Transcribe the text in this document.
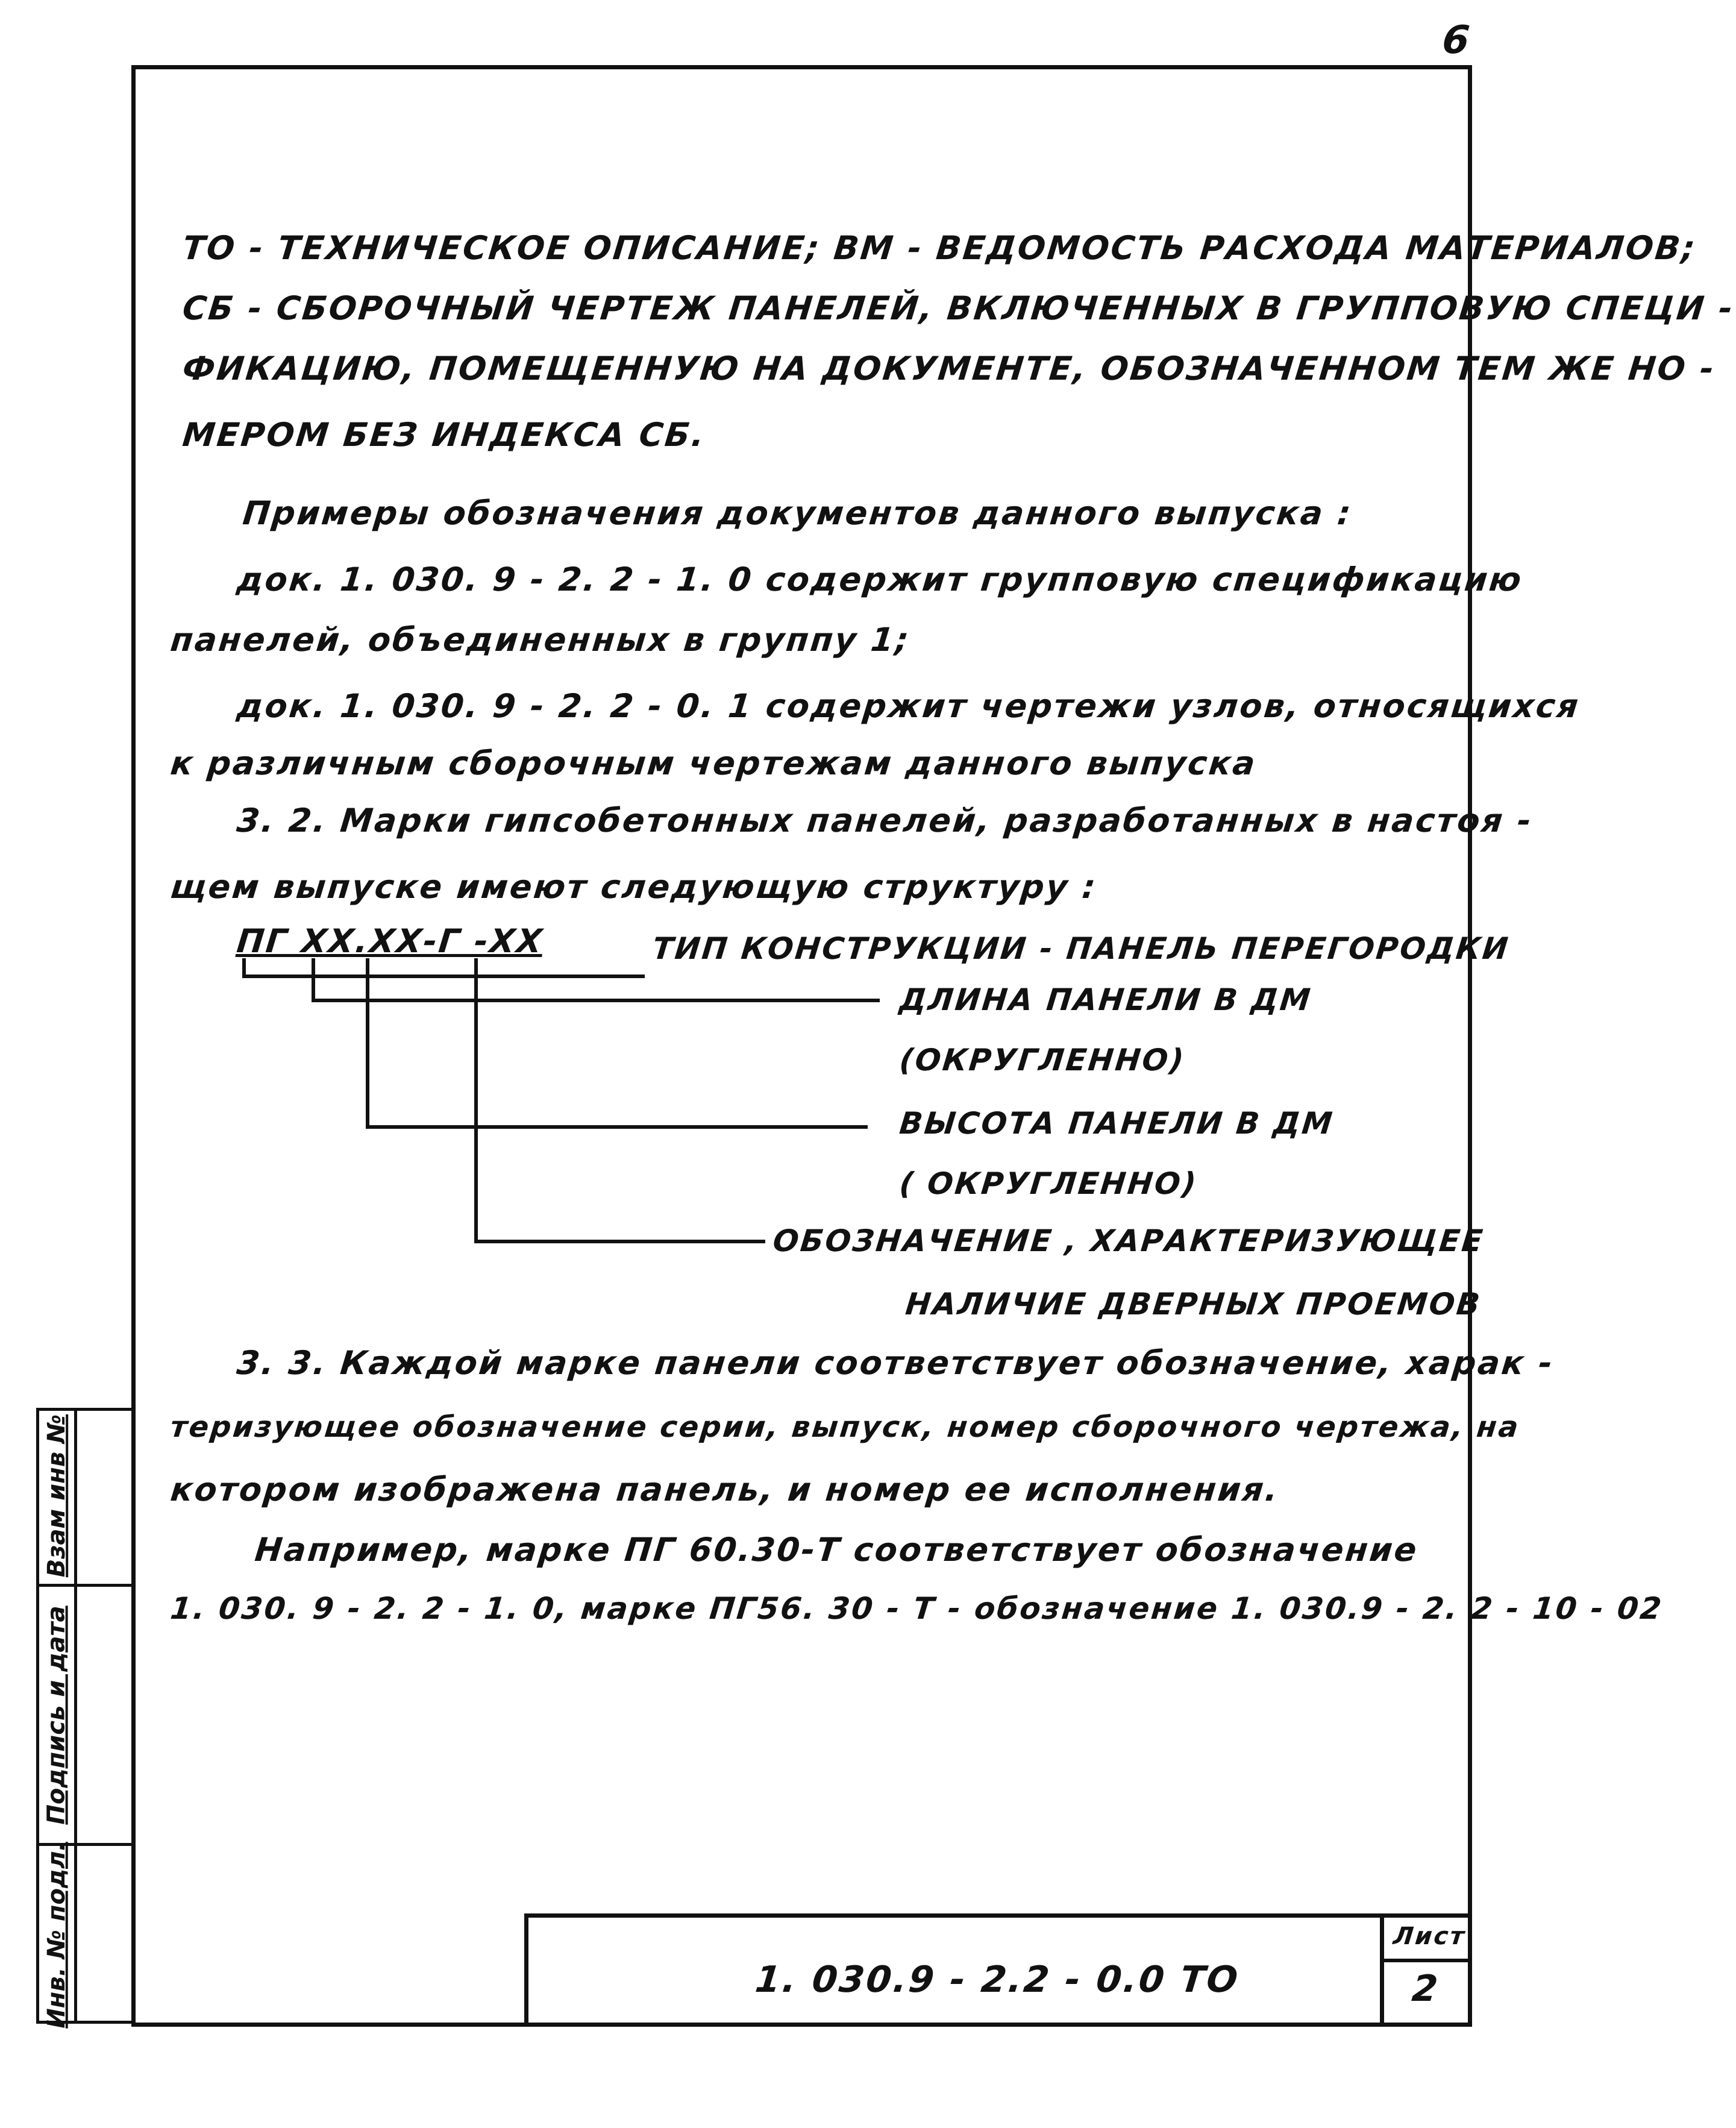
6
Взам инв №
Подпись и дата
Инв. № подл.
ТО - ТЕХНИЧЕСКОЕ ОПИСАНИЕ; ВМ - ВЕДОМОСТЬ РАСХОДА МАТЕРИАЛОВ;
СБ - СБОРОЧНЫЙ ЧЕРТЕЖ ПАНЕЛЕЙ, ВКЛЮЧЕННЫХ В ГРУППОВУЮ СПЕЦИ -
ФИКАЦИЮ, ПОМЕЩЕННУЮ НА ДОКУМЕНТЕ, ОБОЗНАЧЕННОМ ТЕМ ЖЕ НО -
МЕРОМ БЕЗ ИНДЕКСА СБ.
Примеры обозначения документов данного выпуска :
док. 1. 030. 9 - 2. 2 - 1. 0 содержит групповую спецификацию
панелей, объединенных в группу 1;
док. 1. 030. 9 - 2. 2 - 0. 1 содержит чертежи узлов, относящихся
к различным сборочным чертежам данного выпуска
3. 2. Марки гипсобетонных панелей, разработанных в настоя -
щем выпуске имеют следующую структуру :
ПГ ХХ.ХХ-Г -ХХ	ТИП КОНСТРУКЦИИ - ПАНЕЛЬ ПЕРЕГОРОДКИ
ДЛИНА ПАНЕЛИ В ДМ
(ОКРУГЛЕННО)
ВЫСОТА ПАНЕЛИ В ДМ
( ОКРУГЛЕННО)
ОБОЗНАЧЕНИЕ , ХАРАКТЕРИЗУЮЩЕЕ
НАЛИЧИЕ ДВЕРНЫХ ПРОЕМОВ
3. 3. Каждой марке панели соответствует обозначение, харак -
теризующее обозначение серии, выпуск, номер сборочного чертежа, на
котором изображена панель, и номер ее исполнения.
Например, марке ПГ 60.30-Т соответствует обозначение
1. 030. 9 - 2. 2 - 1. 0, марке ПГ56. 30 - Т - обозначение 1. 030.9 - 2. 2 - 10 - 02
1. 030.9 - 2.2 - 0.0 ТО
Лист
2
